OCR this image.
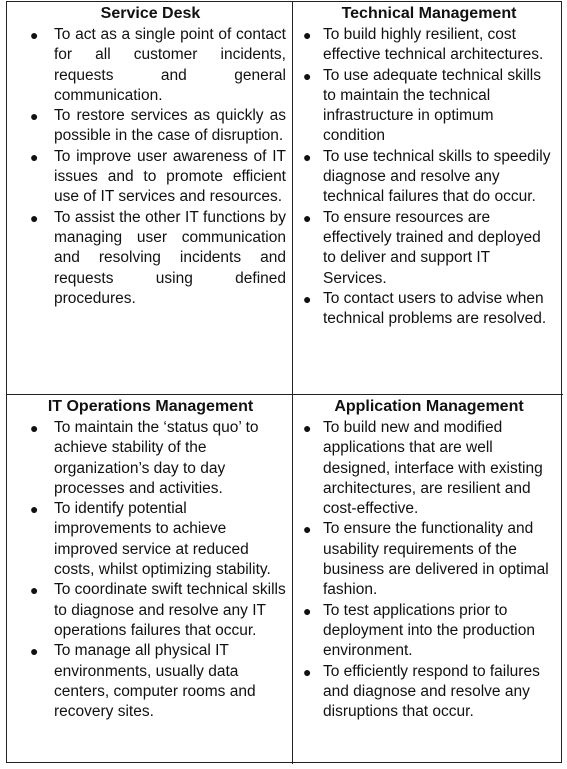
Service Desk
● To act as a single point of contact for all customer incidents, requests and general communication.
● To restore services as quickly as possible in the case of disruption.
● To improve user awareness of IT issues and to promote efficient use of IT services and resources.
● To assist the other IT functions by managing user communication and resolving incidents and requests using defined procedures.
Technical Management
● To build highly resilient, cost effective technical architectures.
● To use adequate technical skills to maintain the technical infrastructure in optimum condition
● To use technical skills to speedily diagnose and resolve any technical failures that do occur.
● To ensure resources are effectively trained and deployed to deliver and support IT Services.
● To contact users to advise when technical problems are resolved.
IT Operations Management
● To maintain the ‘status quo’ to achieve stability of the organization’s day to day processes and activities.
● To identify potential improvements to achieve improved service at reduced costs, whilst optimizing stability.
● To coordinate swift technical skills to diagnose and resolve any IT operations failures that occur.
● To manage all physical IT environments, usually data centers, computer rooms and recovery sites.
Application Management
● To build new and modified applications that are well designed, interface with existing architectures, are resilient and cost-effective.
● To ensure the functionality and usability requirements of the business are delivered in optimal fashion.
● To test applications prior to deployment into the production environment.
● To efficiently respond to failures and diagnose and resolve any disruptions that occur.
